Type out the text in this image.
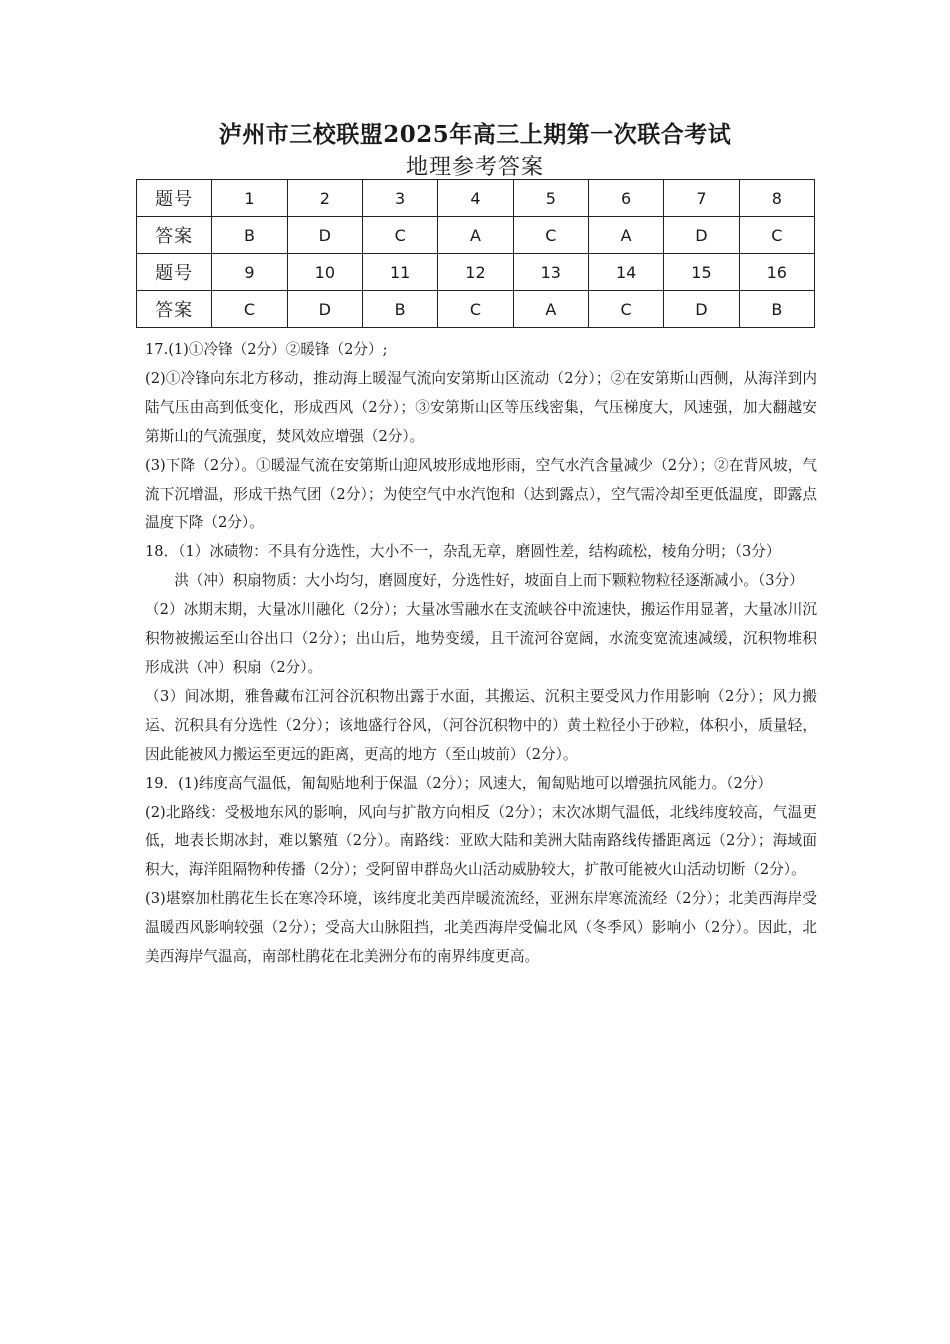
泸州市三校联盟2025年高三上期第一次联合考试
地理参考答案
题号	1	2	3	4	5	6	7	8
答案	B	D	C	A	C	A	D	C
题号	9	10	11	12	13	14	15	16
答案	C	D	B	C	A	C	D	B

17.(1)①冷锋（2分）②暖锋（2分）;

(2)①冷锋向东北方移动，推动海上暖湿气流向安第斯山区流动（2分）；②在安第斯山西侧，从海洋到内陆气压由高到低变化，形成西风（2分）；③安第斯山区等压线密集，气压梯度大，风速强，加大翻越安第斯山的气流强度，焚风效应增强（2分）。

(3)下降（2分）。①暖湿气流在安第斯山迎风坡形成地形雨，空气水汽含量减少（2分）；②在背风坡，气流下沉增温，形成干热气团（2分）；为使空气中水汽饱和（达到露点），空气需冷却至更低温度，即露点温度下降（2分）。

18．（1）冰碛物：不具有分选性，大小不一，杂乱无章，磨圆性差，结构疏松，棱角分明；（3分）

洪（冲）积扇物质：大小均匀，磨圆度好，分选性好，坡面自上而下颗粒物粒径逐渐减小。（3分）

（2）冰期末期，大量冰川融化（2分）；大量冰雪融水在支流峡谷中流速快，搬运作用显著，大量冰川沉积物被搬运至山谷出口（2分）；出山后，地势变缓，且干流河谷宽阔，水流变宽流速减缓，沉积物堆积形成洪（冲）积扇（2分）。

（3）间冰期，雅鲁藏布江河谷沉积物出露于水面，其搬运、沉积主要受风力作用影响（2分）；风力搬运、沉积具有分选性（2分）；该地盛行谷风，（河谷沉积物中的）黄土粒径小于砂粒，体积小，质量轻，因此能被风力搬运至更远的距离，更高的地方（至山坡前）（2分）。

19．(1)纬度高气温低，匍匐贴地利于保温（2分）；风速大，匍匐贴地可以增强抗风能力。（2分）

(2)北路线：受极地东风的影响，风向与扩散方向相反（2分）；末次冰期气温低，北线纬度较高，气温更低，地表长期冰封，难以繁殖（2分）。南路线：亚欧大陆和美洲大陆南路线传播距离远（2分）；海域面积大，海洋阻隔物种传播（2分）；受阿留申群岛火山活动威胁较大，扩散可能被火山活动切断（2分）。

(3)堪察加杜鹃花生长在寒冷环境，该纬度北美西岸暖流流经，亚洲东岸寒流流经（2分）；北美西海岸受温暖西风影响较强（2分）；受高大山脉阻挡，北美西海岸受偏北风（冬季风）影响小（2分）。因此，北美西海岸气温高，南部杜鹃花在北美洲分布的南界纬度更高。
